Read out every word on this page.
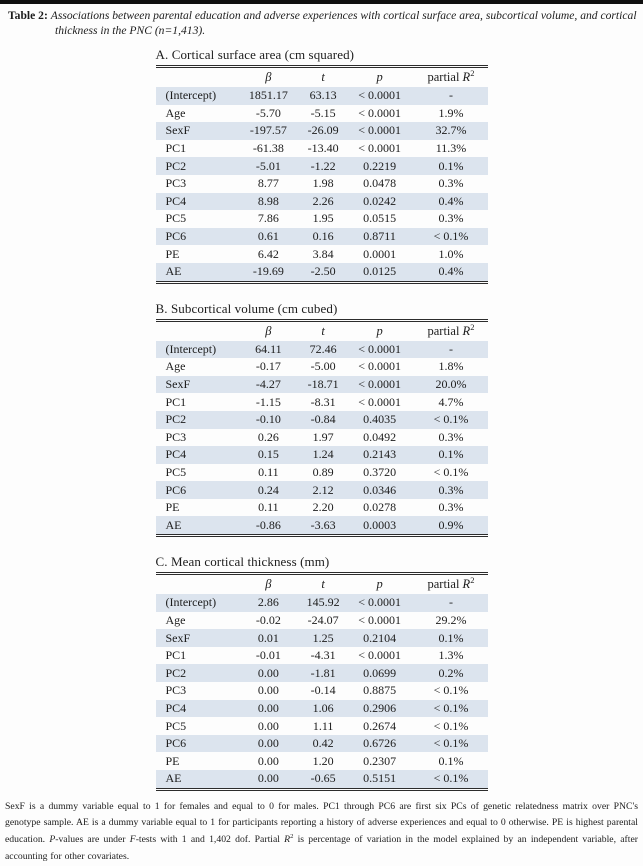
Table 2: Associations between parental education and adverse experiences with cortical surface area, subcortical volume, and cortical thickness in the PNC (n=1,413).

A. Cortical surface area (cm squared)
	β	t	p	partial $R^2$
(Intercept)	1851.17	63.13	< 0.0001	-
Age	-5.70	-5.15	< 0.0001	1.9%
SexF	-197.57	-26.09	< 0.0001	32.7%
PC1	-61.38	-13.40	< 0.0001	11.3%
PC2	-5.01	-1.22	0.2219	0.1%
PC3	8.77	1.98	0.0478	0.3%
PC4	8.98	2.26	0.0242	0.4%
PC5	7.86	1.95	0.0515	0.3%
PC6	0.61	0.16	0.8711	< 0.1%
PE	6.42	3.84	0.0001	1.0%
AE	-19.69	-2.50	0.0125	0.4%
B. Subcortical volume (cm cubed)
	β	t	p	partial $R^2$
(Intercept)	64.11	72.46	< 0.0001	-
Age	-0.17	-5.00	< 0.0001	1.8%
SexF	-4.27	-18.71	< 0.0001	20.0%
PC1	-1.15	-8.31	< 0.0001	4.7%
PC2	-0.10	-0.84	0.4035	< 0.1%
PC3	0.26	1.97	0.0492	0.3%
PC4	0.15	1.24	0.2143	0.1%
PC5	0.11	0.89	0.3720	< 0.1%
PC6	0.24	2.12	0.0346	0.3%
PE	0.11	2.20	0.0278	0.3%
AE	-0.86	-3.63	0.0003	0.9%
C. Mean cortical thickness (mm)
	β	t	p	partial $R^2$
(Intercept)	2.86	145.92	< 0.0001	-
Age	-0.02	-24.07	< 0.0001	29.2%
SexF	0.01	1.25	0.2104	0.1%
PC1	-0.01	-4.31	< 0.0001	1.3%
PC2	0.00	-1.81	0.0699	0.2%
PC3	0.00	-0.14	0.8875	< 0.1%
PC4	0.00	1.06	0.2906	< 0.1%
PC5	0.00	1.11	0.2674	< 0.1%
PC6	0.00	0.42	0.6726	< 0.1%
PE	0.00	1.20	0.2307	0.1%
AE	0.00	-0.65	0.5151	< 0.1%

SexF is a dummy variable equal to 1 for females and equal to 0 for males. PC1 through PC6 are first six PCs of genetic relatedness matrix over PNC's genotype sample. AE is a dummy variable equal to 1 for participants reporting a history of adverse experiences and equal to 0 otherwise. PE is highest parental education. P-values are under F-tests with 1 and 1,402 dof. Partial $R^2$ is percentage of variation in the model explained by an independent variable, after accounting for other covariates.
